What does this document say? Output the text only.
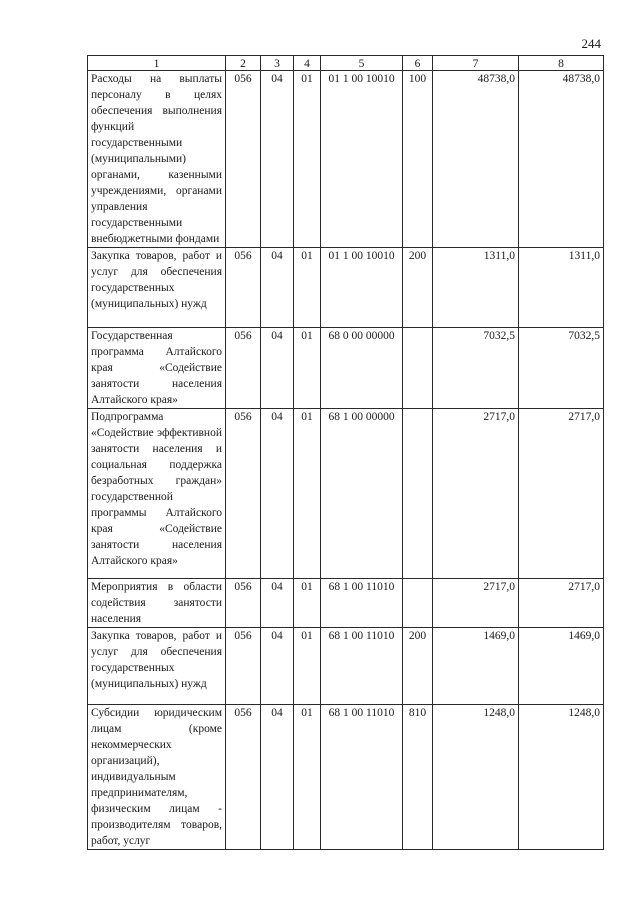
244
1	2	3	4	5	6	7	8
Расходы на выплаты персоналу в целях обеспечения выполнения функций государственными (муниципальными) органами, казенными учреждениями, органами управления государственными внебюджетными фондами	056	04	01	01 1 00 10010	100	48738,0	48738,0
Закупка товаров, работ и услуг для обеспечения государственных (муниципальных) нужд	056	04	01	01 1 00 10010	200	1311,0	1311,0
Государственная программа Алтайского края «Содействие занятости населения Алтайского края»	056	04	01	68 0 00 00000		7032,5	7032,5
Подпрограмма «Содействие эффективной занятости населения и социальная поддержка безработных граждан» государственной программы Алтайского края «Содействие занятости населения Алтайского края»	056	04	01	68 1 00 00000		2717,0	2717,0
Мероприятия в области содействия занятости населения	056	04	01	68 1 00 11010		2717,0	2717,0
Закупка товаров, работ и услуг для обеспечения государственных (муниципальных) нужд	056	04	01	68 1 00 11010	200	1469,0	1469,0
Субсидии юридическим лицам (кроме некоммерческих организаций), индивидуальным предпринимателям, физическим лицам - производителям товаров, работ, услуг	056	04	01	68 1 00 11010	810	1248,0	1248,0
